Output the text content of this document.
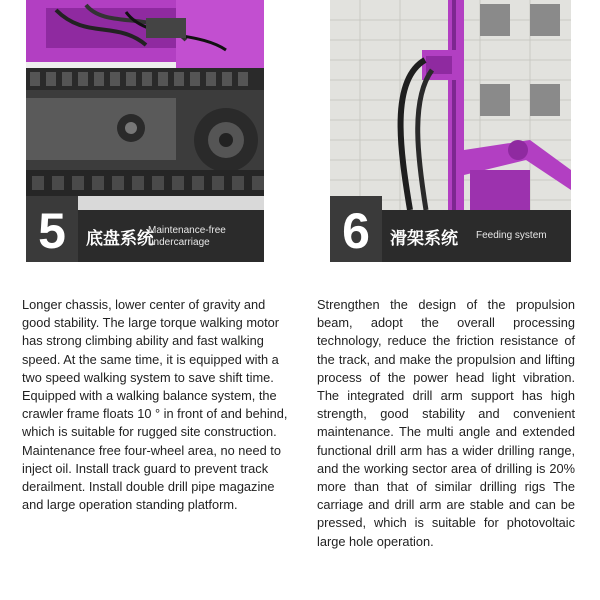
5	底盘系统
Maintenance-free undercarriage	6	滑架系统 Feeding system
Longer chassis, lower center of gravity and good stability. The large torque walking motor has strong climbing ability and fast walking speed. At the same time, it is equipped with a two speed walking system to save shift time. Equipped with a walking balance system, the crawler frame floats 10 ° in front of and behind, which is suitable for rugged site construction. Maintenance free four-wheel area, no need to inject oil. Install track guard to prevent track derailment. Install double drill pipe magazine and large operation standing platform.
Strengthen the design of the propulsion beam, adopt the overall processing technology, reduce the friction resistance of the track, and make the propulsion and lifting process of the power head light vibration. The integrated drill arm support has high strength, good stability and convenient maintenance. The multi angle and extended functional drill arm has a wider drilling range, and the working sector area of drilling is 20% more than that of similar drilling rigs The carriage and drill arm are stable and can be pressed, which is suitable for photovoltaic large hole operation.
